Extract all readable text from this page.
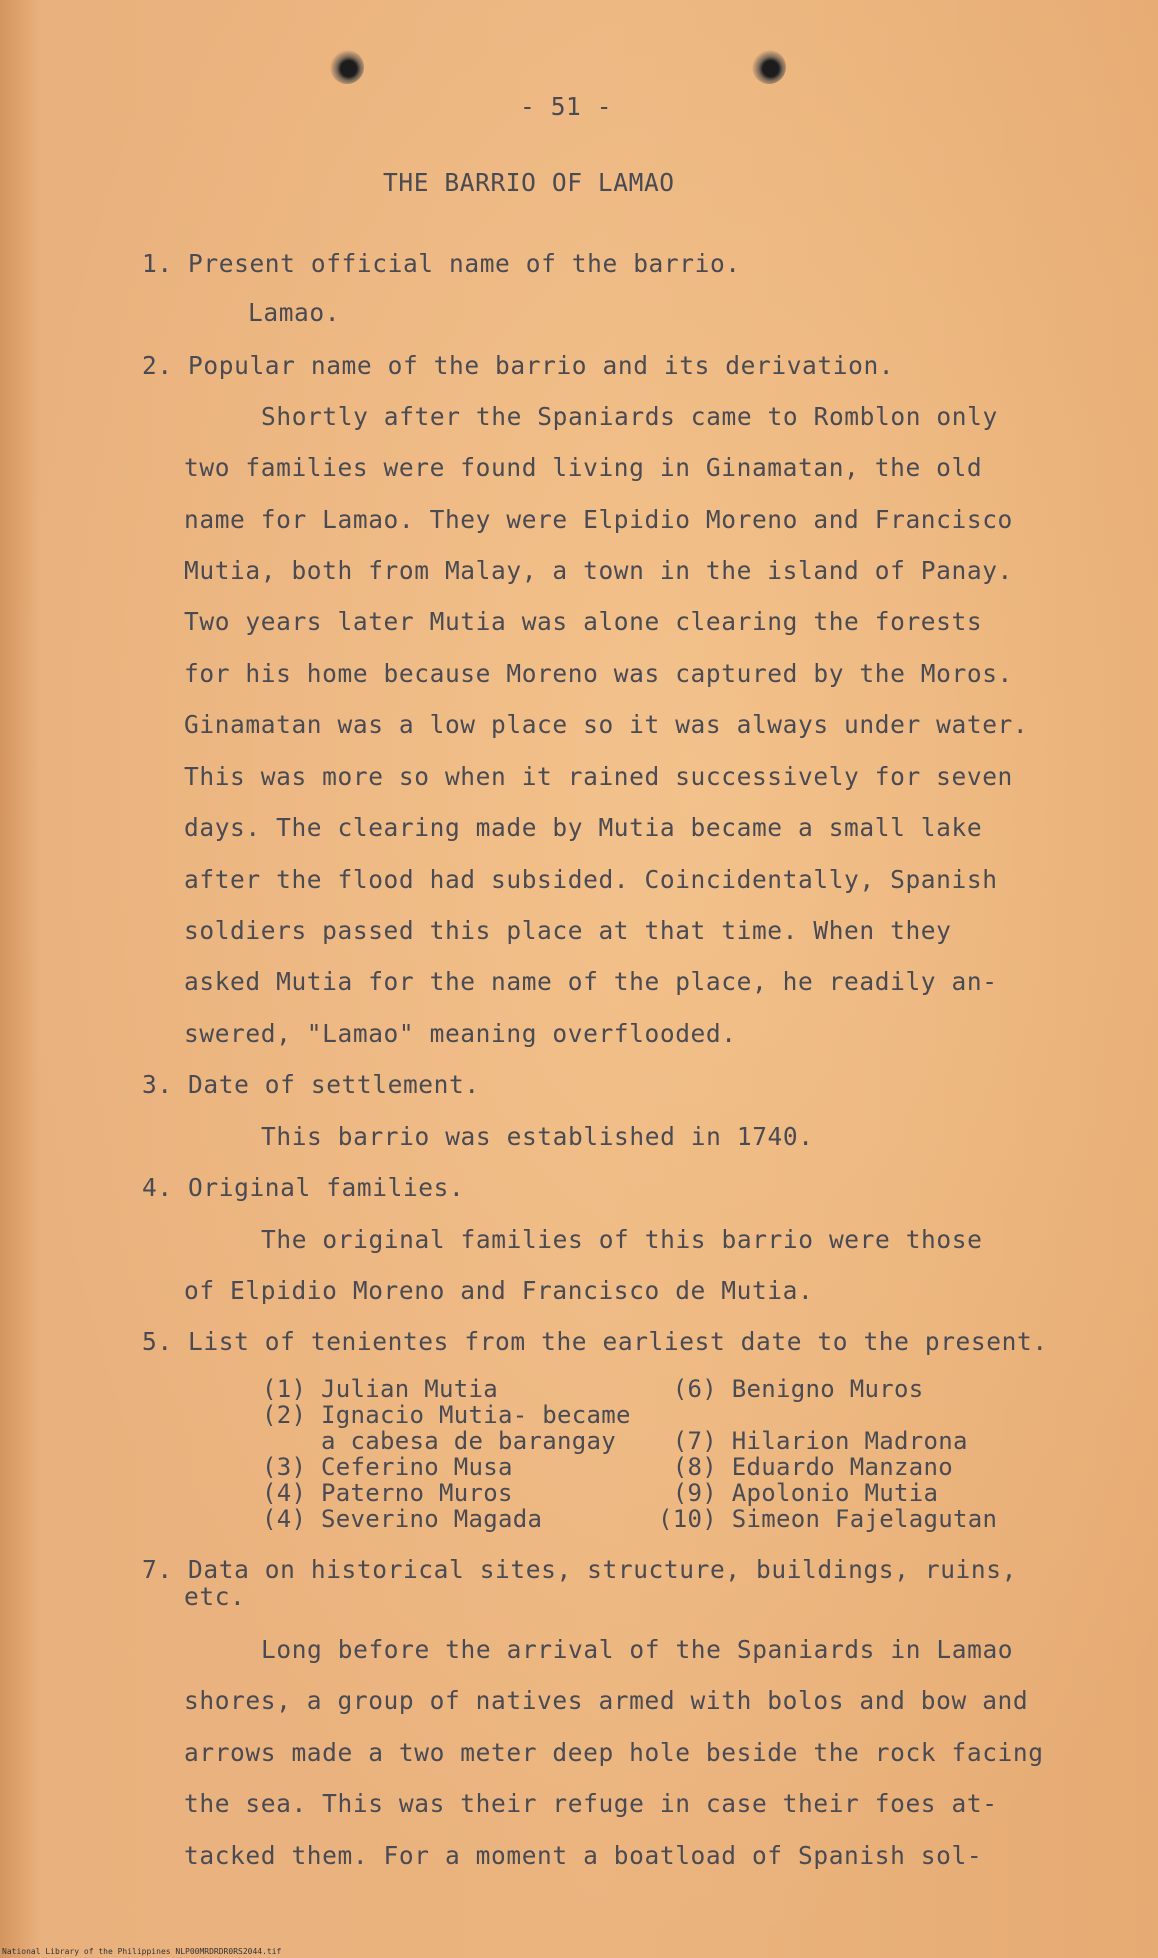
- 51 -
THE BARRIO OF LAMAO
1. Present official name of the barrio.
Lamao.
2. Popular name of the barrio and its derivation.
Shortly after the Spaniards came to Romblon only
two families were found living in Ginamatan, the old
name for Lamao. They were Elpidio Moreno and Francisco
Mutia, both from Malay, a town in the island of Panay.
Two years later Mutia was alone clearing the forests
for his home because Moreno was captured by the Moros.
Ginamatan was a low place so it was always under water.
This was more so when it rained successively for seven
days. The clearing made by Mutia became a small lake
after the flood had subsided. Coincidentally, Spanish
soldiers passed this place at that time. When they
asked Mutia for the name of the place, he readily an-
swered, "Lamao" meaning overflooded.
3. Date of settlement.
This barrio was established in 1740.
4. Original families.
The original families of this barrio were those
of Elpidio Moreno and Francisco de Mutia.
5. List of tenientes from the earliest date to the present.
(1) Julian Mutia
(2) Ignacio Mutia- became
a cabesa de barangay
(3) Ceferino Musa
(4) Paterno Muros
(4) Severino Magada
(6) Benigno Muros
(7) Hilarion Madrona
(8) Eduardo Manzano
(9) Apolonio Mutia
(10) Simeon Fajelagutan
7. Data on historical sites, structure, buildings, ruins,
etc.
Long before the arrival of the Spaniards in Lamao
shores, a group of natives armed with bolos and bow and
arrows made a two meter deep hole beside the rock facing
the sea. This was their refuge in case their foes at-
tacked them. For a moment a boatload of Spanish sol-
National Library of the Philippines NLP00MRDRDR0RS2044.tif
